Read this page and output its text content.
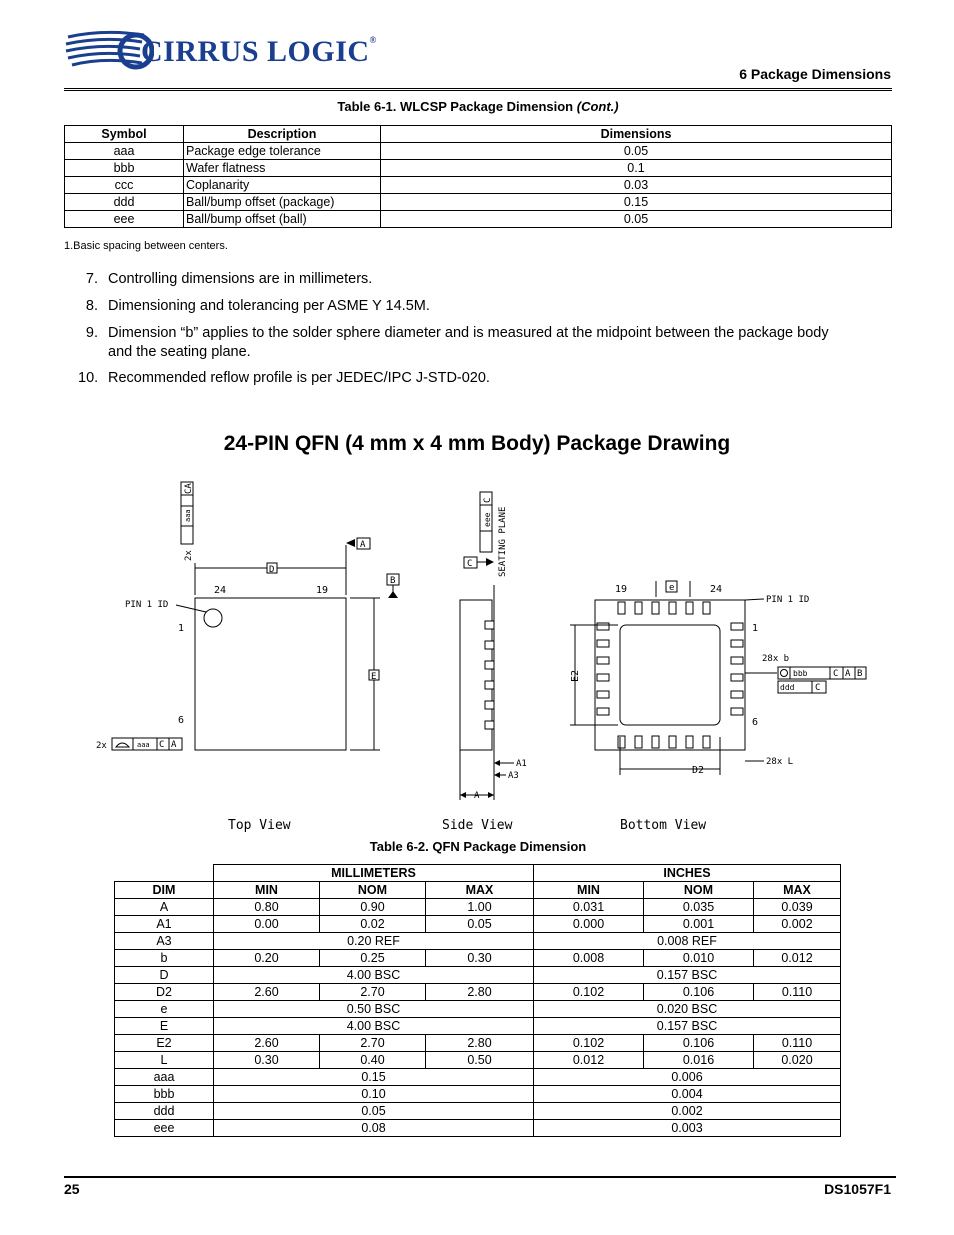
CIRRUS LOGIC®
6 Package Dimensions
Table 6-1. WLCSP Package Dimension (Cont.)
Symbol	Description	Dimensions
aaa	Package edge tolerance	0.05
bbb	Wafer flatness	0.1
ccc	Coplanarity	0.03
ddd	Ball/bump offset (package)	0.15
eee	Ball/bump offset (ball)	0.05
1.Basic spacing between centers.
7. Controlling dimensions are in millimeters.
8. Dimensioning and tolerancing per ASME Y 14.5M.
9. Dimension “b” applies to the solder sphere diameter and is measured at the midpoint between the package body
and the seating plane.
10. Recommended reflow profile is per JEDEC/IPC J-STD-020.
24-PIN QFN (4 mm x 4 mm Body) Package Drawing
PIN 1 ID
24	19
1
6
D
E
A
B
aaa
CA
2x
2x	aaa C A
Top View
C
eee
C
SEATING PLANE
A1
A3
A
Side View
19	24
1
6
e
PIN 1 ID
E2
D2
28x L
28x b
bbb	C A B
ddd C
Bottom View
Table 6-2. QFN Package Dimension
	MILLIMETERS			INCHES		
DIM	MIN	NOM	MAX	MIN	NOM	MAX
A	0.80	0.90	1.00	0.031	0.035	0.039
A1	0.00	0.02	0.05	0.000	0.001	0.002
A3	0.20 REF			0.008 REF		
b	0.20	0.25	0.30	0.008	0.010	0.012
D	4.00 BSC			0.157 BSC		
D2	2.60	2.70	2.80	0.102	0.106	0.110
e	0.50 BSC			0.020 BSC		
E	4.00 BSC			0.157 BSC		
E2	2.60	2.70	2.80	0.102	0.106	0.110
L	0.30	0.40	0.50	0.012	0.016	0.020
aaa	0.15			0.006		
bbb	0.10			0.004		
ddd	0.05			0.002		
eee	0.08			0.003		
25	DS1057F1
